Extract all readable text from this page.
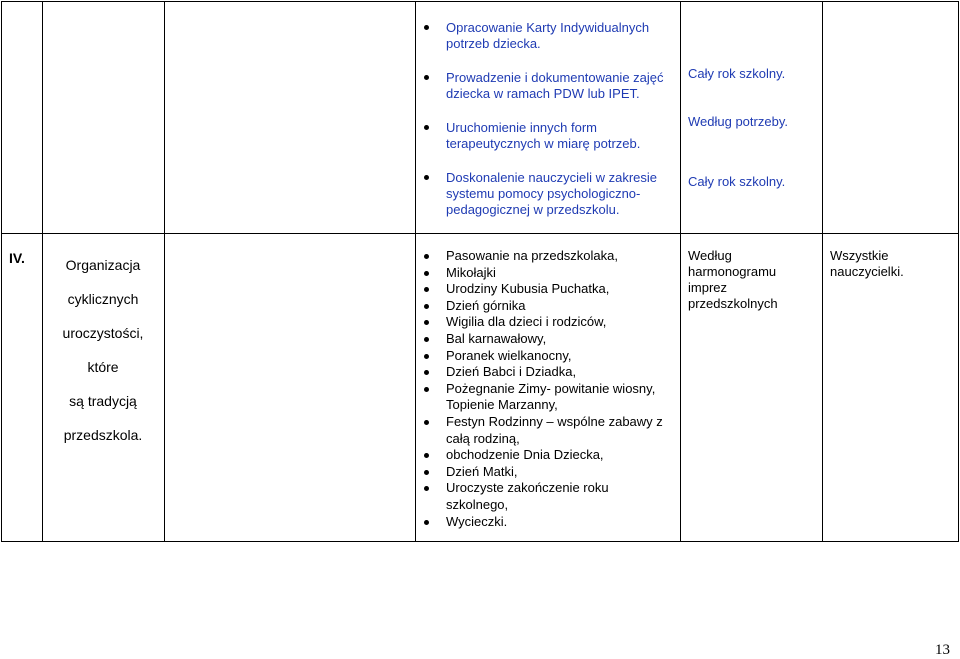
Opracowanie Karty Indywidualnych
potrzeb dziecka.
Prowadzenie i dokumentowanie zajęć
dziecka w ramach PDW lub IPET.
Uruchomienie innych form
terapeutycznych w miarę potrzeb.
Doskonalenie nauczycieli w zakresie
systemu pomocy psychologiczno-
pedagogicznej w przedszkolu.
Cały rok szkolny.
Według potrzeby.
Cały rok szkolny.
IV.	Organizacja
cyklicznych
uroczystości,
które
są tradycją
przedszkola.
Pasowanie na przedszkolaka,
Mikołajki
Urodziny Kubusia Puchatka,
Dzień górnika
Wigilia dla dzieci i rodziców,
Bal karnawałowy,
Poranek wielkanocny,
Dzień Babci i Dziadka,
Pożegnanie Zimy- powitanie wiosny,
Topienie Marzanny,
Festyn Rodzinny – wspólne zabawy z
całą rodziną,
obchodzenie Dnia Dziecka,
Dzień Matki,
Uroczyste zakończenie roku
szkolnego,
Wycieczki.
Według
harmonogramu
imprez
przedszkolnych
Wszystkie
nauczycielki.
13
